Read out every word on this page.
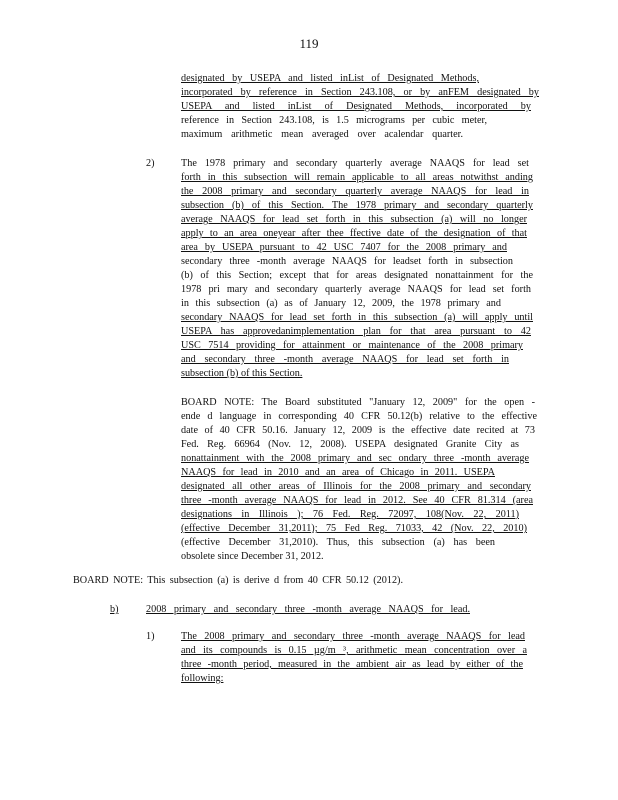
119
designated by USEPA and listed inList of Designated Methods,
incorporated by reference in Section 243.108, or by anFEM designated by
USEPA and listed inList of Designated Methods, incorporated by
reference in Section 243.108, is 1.5 micrograms per cubic meter,
maximum arithmetic mean averaged over acalendar quarter.
2)	The 1978 primary and secondary quarterly average NAAQS for lead set
forth in this subsection will remain applicable to all areas notwithst anding
the 2008 primary and secondary quarterly average NAAQS for lead in
subsection (b) of this Section. The 1978 primary and secondary quarterly
average NAAQS for lead set forth in this subsection (a) will no longer
apply to an area oneyear after thee ffective date of the designation of that
area by USEPA pursuant to 42 USC 7407 for the 2008 primary and
secondary three -month average NAAQS for leadset forth in subsection
(b) of this Section; except that for areas designated nonattainment for the
1978 pri mary and secondary quarterly average NAAQS for lead set forth
in this subsection (a) as of January 12, 2009, the 1978 primary and
secondary NAAQS for lead set forth in this subsection (a) will apply until
USEPA has approvedanimplementation plan for that area pursuant to 42
USC 7514 providing for attainment or maintenance of the 2008 primary
and secondary three -month average NAAQS for lead set forth in
subsection (b) of this Section.
BOARD NOTE: The Board substituted "January 12, 2009" for the open -
ende d language in corresponding 40 CFR 50.12(b) relative to the effective
date of 40 CFR 50.16. January 12, 2009 is the effective date recited at 73
Fed. Reg. 66964 (Nov. 12, 2008). USEPA designated Granite City as
nonattainment with the 2008 primary and sec ondary three -month average
NAAQS for lead in 2010 and an area of Chicago in 2011. USEPA
designated all other areas of Illinois for the 2008 primary and secondary
three -month average NAAQS for lead in 2012. See 40 CFR 81.314 (area
designations in Illinois ); 76 Fed. Reg. 72097, 108(Nov. 22, 2011)
(effective December 31,2011); 75 Fed Reg. 71033, 42 (Nov. 22, 2010)
(effective December 31,2010). Thus, this subsection (a) has been
obsolete since December 31, 2012.
BOARD NOTE: This subsection (a) is derive d from 40 CFR 50.12 (2012).
b)	2008 primary and secondary three -month average NAAQS for lead.
1)	The 2008 primary and secondary three -month average NAAQS for lead
and its compounds is 0.15 µg/m ³, arithmetic mean concentration over a
three -month period, measured in the ambient air as lead by either of the
following:
